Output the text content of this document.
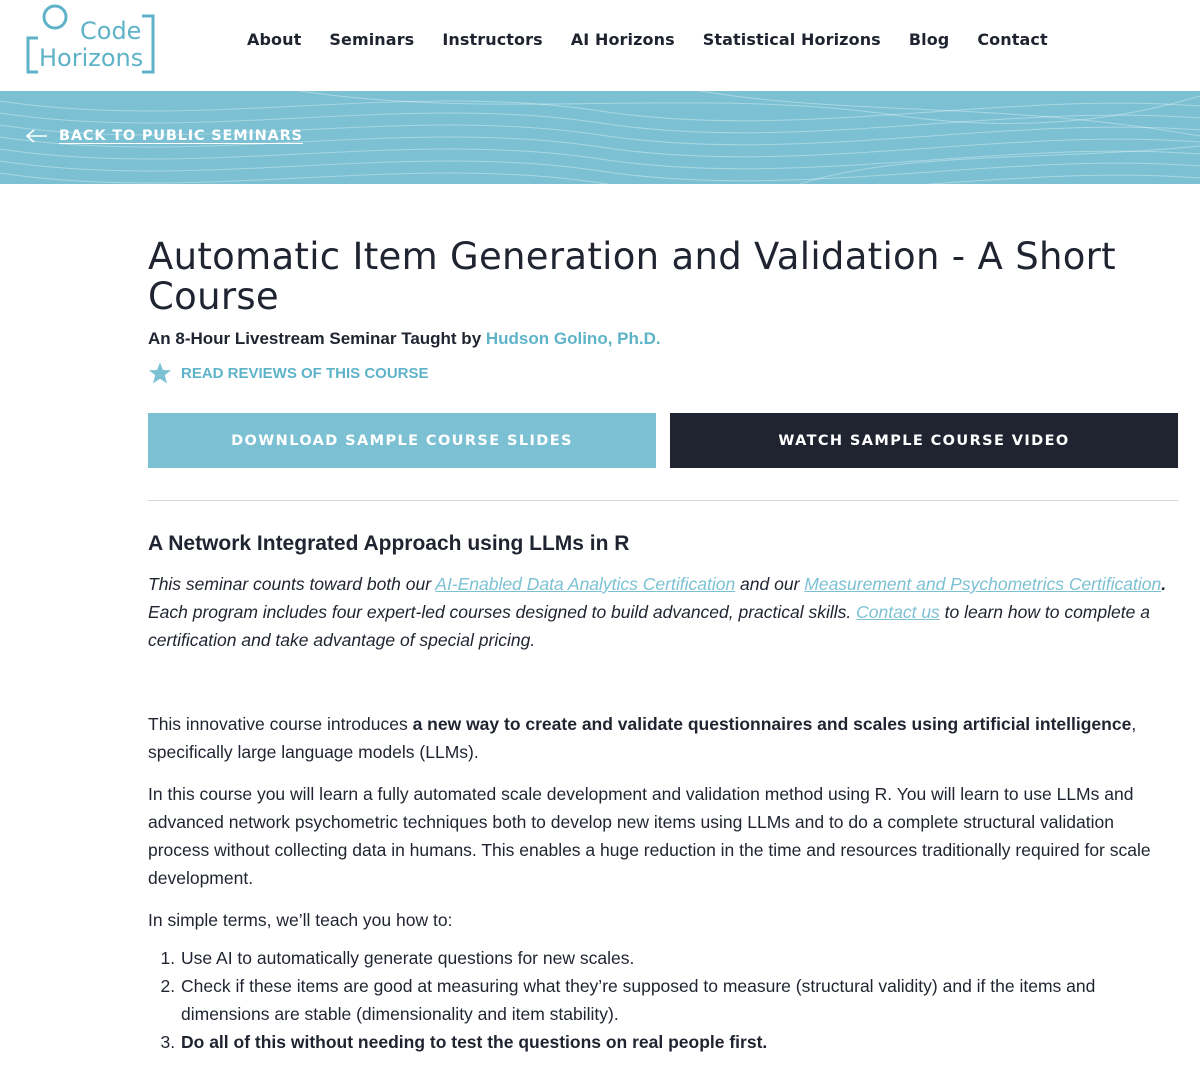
Code
Horizons
About Seminars Instructors AI Horizons Statistical Horizons Blog Contact
BACK TO PUBLIC SEMINARS
Automatic Item Generation and Validation - A Short Course
An 8-Hour Livestream Seminar Taught by Hudson Golino, Ph.D.
READ REVIEWS OF THIS COURSE
DOWNLOAD SAMPLE COURSE SLIDES	WATCH SAMPLE COURSE VIDEO
A Network Integrated Approach using LLMs in R

This seminar counts toward both our AI-Enabled Data Analytics Certification and our Measurement and Psychometrics Certification. Each program includes four expert-led courses designed to build advanced, practical skills. Contact us to learn how to complete a certification and take advantage of special pricing.

This innovative course introduces a new way to create and validate questionnaires and scales using artificial intelligence, specifically large language models (LLMs).

In this course you will learn a fully automated scale development and validation method using R. You will learn to use LLMs and advanced network psychometric techniques both to develop new items using LLMs and to do a complete structural validation process without collecting data in humans. This enables a huge reduction in the time and resources traditionally required for scale development.

In simple terms, we’ll teach you how to:

1. Use AI to automatically generate questions for new scales.
2. Check if these items are good at measuring what they’re supposed to measure (structural validity) and if the items and dimensions are stable (dimensionality and item stability).
3. Do all of this without needing to test the questions on real people first.
